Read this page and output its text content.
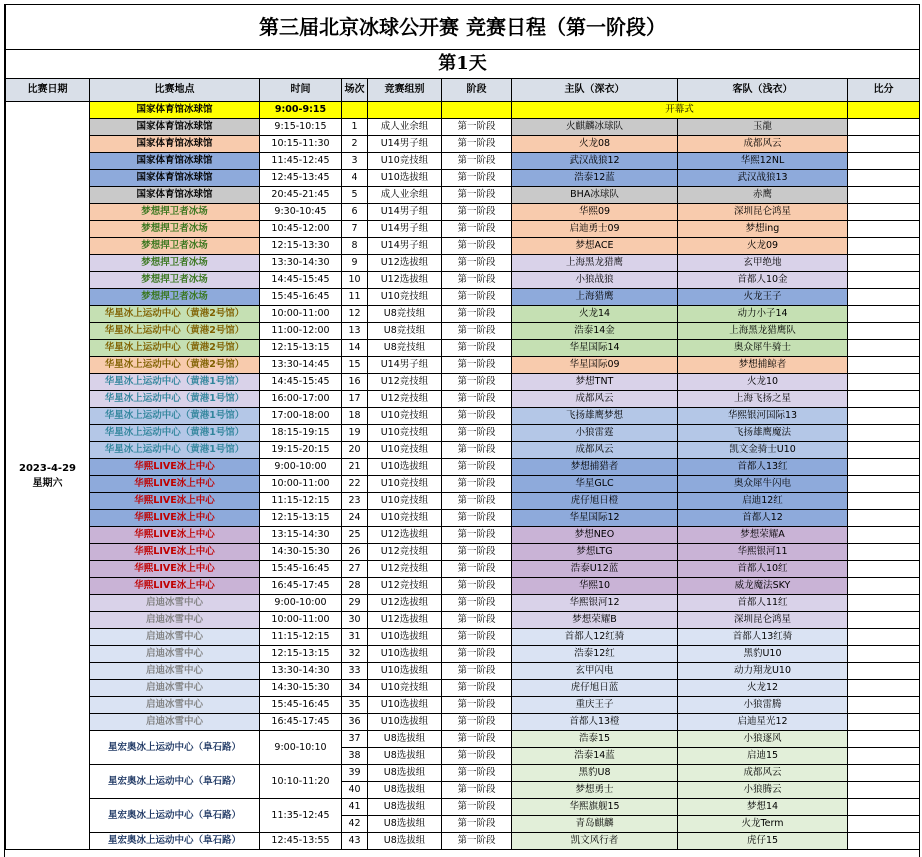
第三届北京冰球公开赛 竞赛日程（第一阶段）								
第1天								
比赛日期	比赛地点	时间	场次	竞赛组别	阶段	主队（深衣）	客队（浅衣）	比分
2023-4-29
星期六	国家体育馆冰球馆	9:00-9:15				开幕式		
	国家体育馆冰球馆	9:15-10:15	1	成人业余组	第一阶段	火麒麟冰球队	玉龍	
	国家体育馆冰球馆	10:15-11:30	2	U14男子组	第一阶段	火龙08	成都风云	
	国家体育馆冰球馆	11:45-12:45	3	U10竞技组	第一阶段	武汉战狼12	华熙12NL	
	国家体育馆冰球馆	12:45-13:45	4	U10选拔组	第一阶段	浩泰12蓝	武汉战狼13	
	国家体育馆冰球馆	20:45-21:45	5	成人业余组	第一阶段	BHA冰球队	赤鹰	
	梦想捍卫者冰场	9:30-10:45	6	U14男子组	第一阶段	华熙09	深圳昆仑鸿星	
	梦想捍卫者冰场	10:45-12:00	7	U14男子组	第一阶段	启迪勇士09	梦想ing	
	梦想捍卫者冰场	12:15-13:30	8	U14男子组	第一阶段	梦想ACE	火龙09	
	梦想捍卫者冰场	13:30-14:30	9	U12选拔组	第一阶段	上海黑龙猎鹰	玄甲绝地	
	梦想捍卫者冰场	14:45-15:45	10	U12选拔组	第一阶段	小狼战狼	首都人10金	
	梦想捍卫者冰场	15:45-16:45	11	U10竞技组	第一阶段	上海猎鹰	火龙王子	
	华星冰上运动中心（黄港2号馆）	10:00-11:00	12	U8竞技组	第一阶段	火龙14	动力小子14	
	华星冰上运动中心（黄港2号馆）	11:00-12:00	13	U8竞技组	第一阶段	浩泰14金	上海黑龙猎鹰队	
	华星冰上运动中心（黄港2号馆）	12:15-13:15	14	U8竞技组	第一阶段	华星国际14	奥众犀牛骑士	
	华星冰上运动中心（黄港2号馆）	13:30-14:45	15	U14男子组	第一阶段	华星国际09	梦想捕鲸者	
	华星冰上运动中心（黄港1号馆）	14:45-15:45	16	U12竞技组	第一阶段	梦想TNT	火龙10	
	华星冰上运动中心（黄港1号馆）	16:00-17:00	17	U12竞技组	第一阶段	成都风云	上海飞扬之星	
	华星冰上运动中心（黄港1号馆）	17:00-18:00	18	U10竞技组	第一阶段	飞扬雄鹰梦想	华熙银河国际13	
	华星冰上运动中心（黄港1号馆）	18:15-19:15	19	U10竞技组	第一阶段	小狼雷霆	飞扬雄鹰魔法	
	华星冰上运动中心（黄港1号馆）	19:15-20:15	20	U10竞技组	第一阶段	成都风云	凯文金骑士U10	
	华熙LIVE冰上中心	9:00-10:00	21	U10选拔组	第一阶段	梦想捕猎者	首都人13红	
	华熙LIVE冰上中心	10:00-11:00	22	U10竞技组	第一阶段	华星GLC	奥众犀牛闪电	
	华熙LIVE冰上中心	11:15-12:15	23	U10竞技组	第一阶段	虎仔旭日橙	启迪12红	
	华熙LIVE冰上中心	12:15-13:15	24	U10竞技组	第一阶段	华星国际12	首都人12	
	华熙LIVE冰上中心	13:15-14:30	25	U12选拔组	第一阶段	梦想NEO	梦想荣耀A	
	华熙LIVE冰上中心	14:30-15:30	26	U12竞技组	第一阶段	梦想LTG	华熙银河11	
	华熙LIVE冰上中心	15:45-16:45	27	U12竞技组	第一阶段	浩泰U12蓝	首都人10红	
	华熙LIVE冰上中心	16:45-17:45	28	U12竞技组	第一阶段	华熙10	威龙魔法SKY	
	启迪冰雪中心	9:00-10:00	29	U12选拔组	第一阶段	华熙银河12	首都人11红	
	启迪冰雪中心	10:00-11:00	30	U12选拔组	第一阶段	梦想荣耀B	深圳昆仑鸿星	
	启迪冰雪中心	11:15-12:15	31	U10选拔组	第一阶段	首都人12红骑	首都人13红骑	
	启迪冰雪中心	12:15-13:15	32	U10选拔组	第一阶段	浩泰12红	黑豹U10	
	启迪冰雪中心	13:30-14:30	33	U10选拔组	第一阶段	玄甲闪电	动力翔龙U10	
	启迪冰雪中心	14:30-15:30	34	U10竞技组	第一阶段	虎仔旭日蓝	火龙12	
	启迪冰雪中心	15:45-16:45	35	U10选拔组	第一阶段	重庆王子	小狼雷腾	
	启迪冰雪中心	16:45-17:45	36	U10选拔组	第一阶段	首都人13橙	启迪星光12	
	星宏奥冰上运动中心（阜石路）	9:00-10:10	37	U8选拔组	第一阶段	浩泰15	小狼逐风	
			38	U8选拔组	第一阶段	浩泰14蓝	启迪15	
	星宏奥冰上运动中心（阜石路）	10:10-11:20	39	U8选拔组	第一阶段	黑豹U8	成都风云	
			40	U8选拔组	第一阶段	梦想勇士	小狼腾云	
	星宏奥冰上运动中心（阜石路）	11:35-12:45	41	U8选拔组	第一阶段	华熙旗舰15	梦想14	
			42	U8选拔组	第一阶段	青岛麒麟	火龙Term	
	星宏奥冰上运动中心（阜石路）	12:45-13:55	43	U8选拔组	第一阶段	凯文风行者	虎仔15	
